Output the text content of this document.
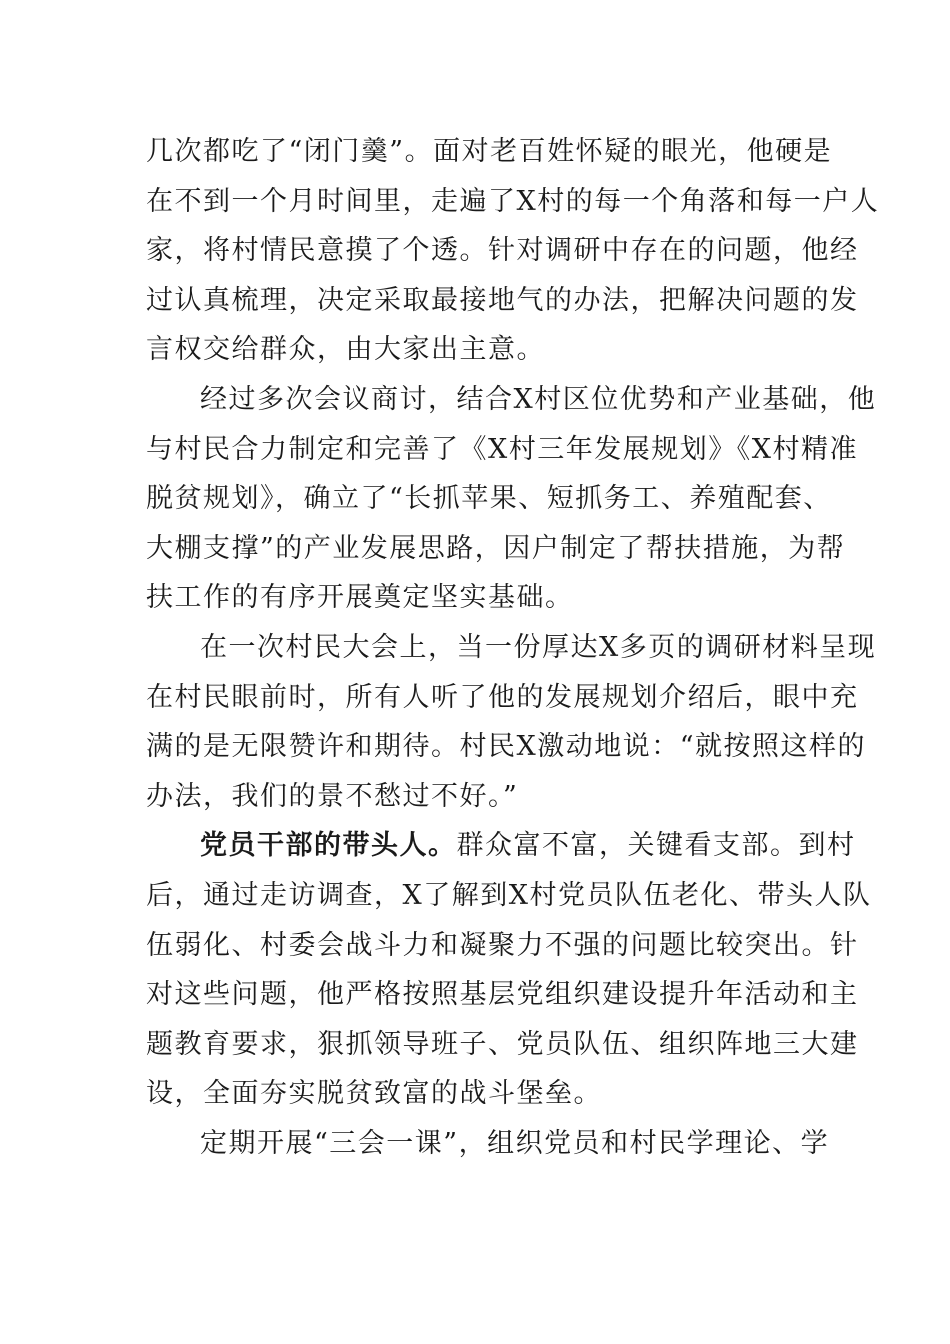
几次都吃了“闭门羹”。面对老百姓怀疑的眼光，他硬是
在不到一个月时间里，走遍了X村的每一个角落和每一户人
家，将村情民意摸了个透。针对调研中存在的问题，他经
过认真梳理，决定采取最接地气的办法，把解决问题的发
言权交给群众，由大家出主意。
经过多次会议商讨，结合X村区位优势和产业基础，他
与村民合力制定和完善了《X村三年发展规划》《X村精准
脱贫规划》，确立了“长抓苹果、短抓务工、养殖配套、
大棚支撑”的产业发展思路，因户制定了帮扶措施，为帮
扶工作的有序开展奠定坚实基础。
在一次村民大会上，当一份厚达X多页的调研材料呈现
在村民眼前时，所有人听了他的发展规划介绍后，眼中充
满的是无限赞许和期待。村民X激动地说：“就按照这样的
办法，我们的景不愁过不好。”
党员干部的带头人。群众富不富，关键看支部。到村
后，通过走访调查，X了解到X村党员队伍老化、带头人队
伍弱化、村委会战斗力和凝聚力不强的问题比较突出。针
对这些问题，他严格按照基层党组织建设提升年活动和主
题教育要求，狠抓领导班子、党员队伍、组织阵地三大建
设，全面夯实脱贫致富的战斗堡垒。
定期开展“三会一课”，组织党员和村民学理论、学
